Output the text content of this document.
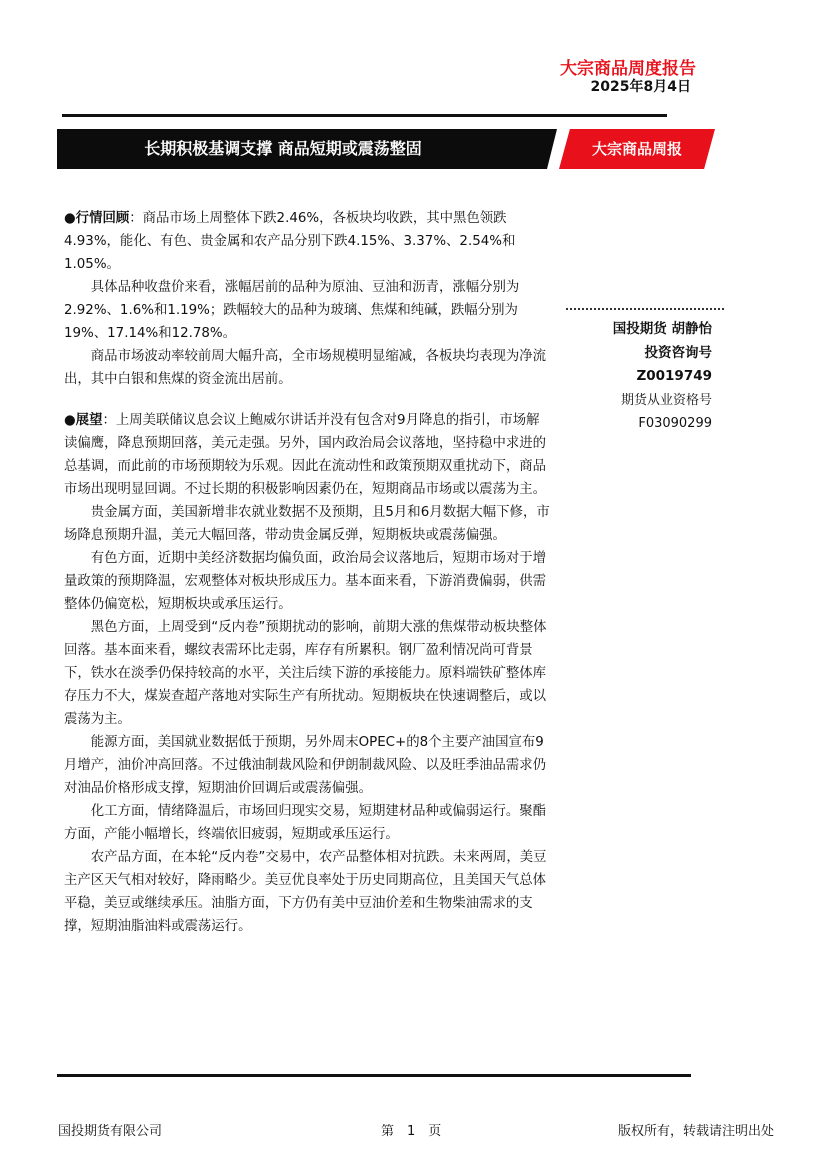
大宗商品周度报告
2025年8月4日
长期积极基调支撑 商品短期或震荡整固	大宗商品周报

●行情回顾：商品市场上周整体下跌2.46%，各板块均收跌，其中黑色领跌4.93%，能化、有色、贵金属和农产品分别下跌4.15%、3.37%、2.54%和1.05%。

具体品种收盘价来看，涨幅居前的品种为原油、豆油和沥青，涨幅分别为2.92%、1.6%和1.19%；跌幅较大的品种为玻璃、焦煤和纯碱，跌幅分别为19%、17.14%和12.78%。

商品市场波动率较前周大幅升高，全市场规模明显缩减，各板块均表现为净流出，其中白银和焦煤的资金流出居前。

●展望：上周美联储议息会议上鲍威尔讲话并没有包含对9月降息的指引，市场解读偏鹰，降息预期回落，美元走强。另外，国内政治局会议落地，坚持稳中求进的总基调，而此前的市场预期较为乐观。因此在流动性和政策预期双重扰动下，商品市场出现明显回调。不过长期的积极影响因素仍在，短期商品市场或以震荡为主。

贵金属方面，美国新增非农就业数据不及预期，且5月和6月数据大幅下修，市场降息预期升温，美元大幅回落，带动贵金属反弹，短期板块或震荡偏强。

有色方面，近期中美经济数据均偏负面，政治局会议落地后，短期市场对于增量政策的预期降温，宏观整体对板块形成压力。基本面来看，下游消费偏弱，供需整体仍偏宽松，短期板块或承压运行。

黑色方面，上周受到“反内卷”预期扰动的影响，前期大涨的焦煤带动板块整体回落。基本面来看，螺纹表需环比走弱，库存有所累积。钢厂盈利情况尚可背景下，铁水在淡季仍保持较高的水平，关注后续下游的承接能力。原料端铁矿整体库存压力不大，煤炭查超产落地对实际生产有所扰动。短期板块在快速调整后，或以震荡为主。

能源方面，美国就业数据低于预期，另外周末OPEC+的8个主要产油国宣布9月增产，油价冲高回落。不过俄油制裁风险和伊朗制裁风险、以及旺季油品需求仍对油品价格形成支撑，短期油价回调后或震荡偏强。

化工方面，情绪降温后，市场回归现实交易，短期建材品种或偏弱运行。聚酯方面，产能小幅增长，终端依旧疲弱，短期或承压运行。

农产品方面，在本轮“反内卷”交易中，农产品整体相对抗跌。未来两周，美豆主产区天气相对较好，降雨略少。美豆优良率处于历史同期高位，且美国天气总体平稳，美豆或继续承压。油脂方面，下方仍有美中豆油价差和生物柴油需求的支撑，短期油脂油料或震荡运行。

国投期货 胡静怡
投资咨询号
Z0019749
期货从业资格号
F03090299
国投期货有限公司	第　1　页	版权所有，转载请注明出处
